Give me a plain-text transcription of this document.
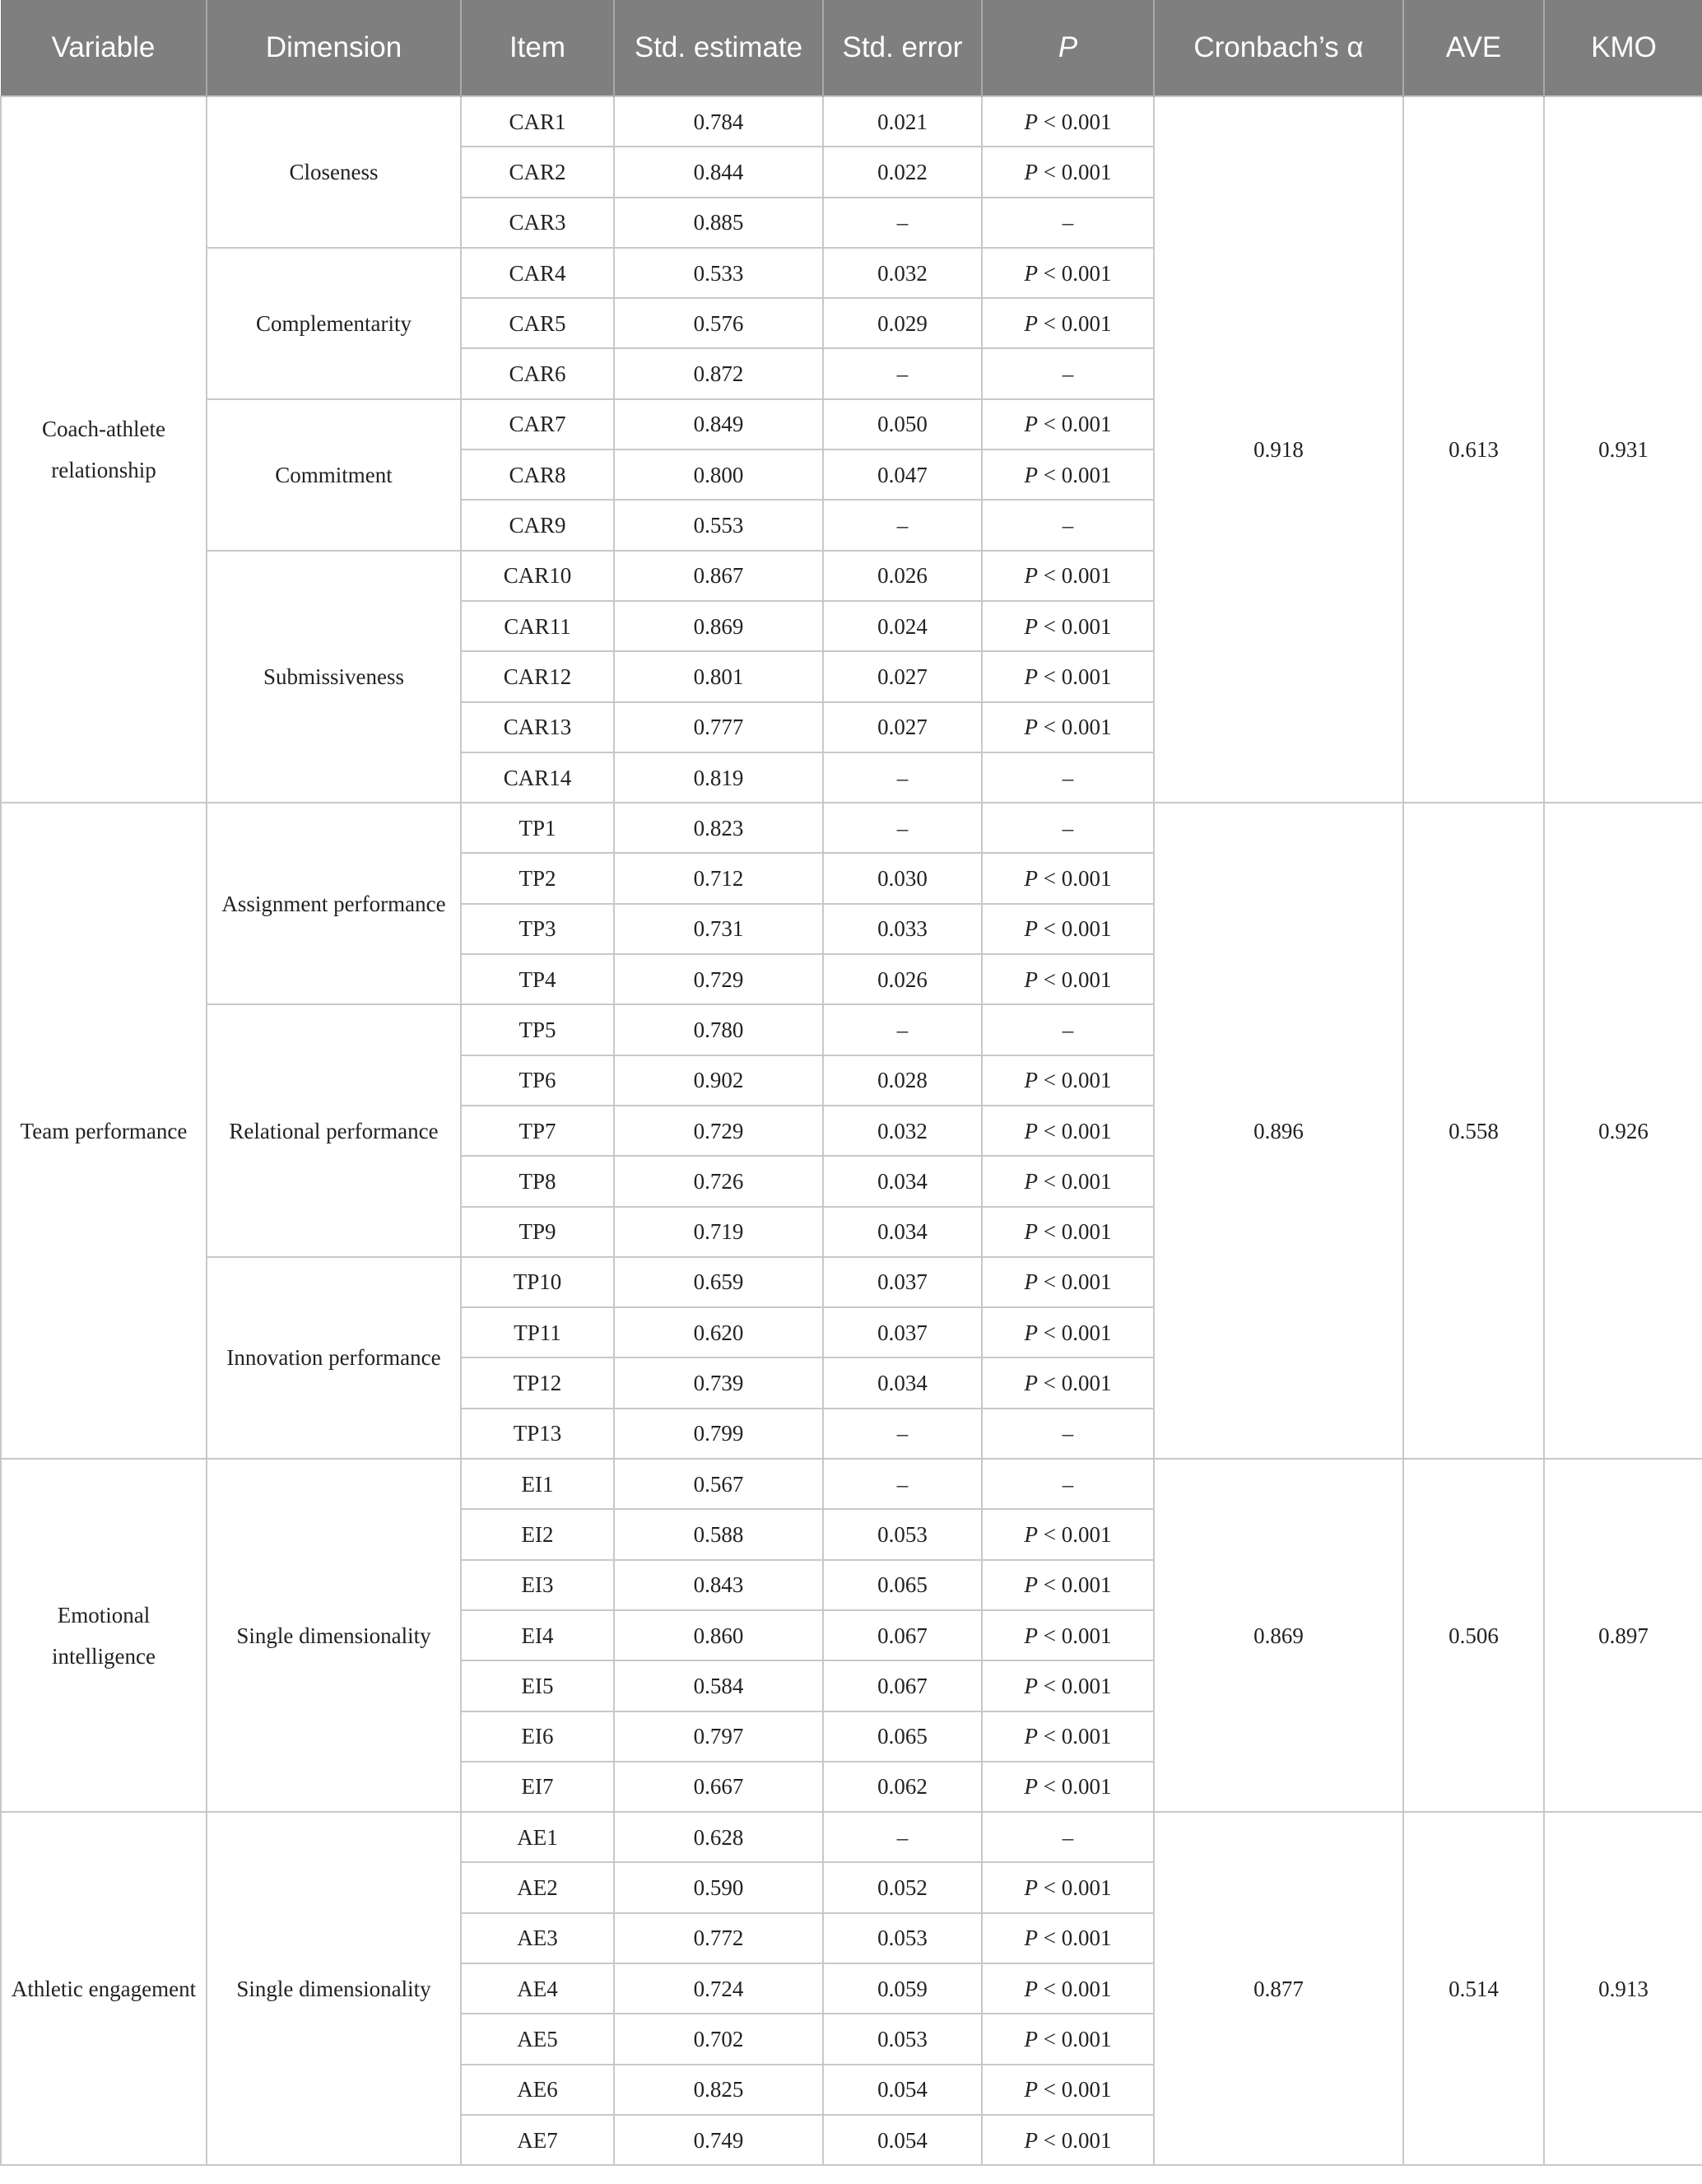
Variable	Dimension	Item	Std. estimate	Std. error	P	Cronbach’s α	AVE	KMO
Coach-athlete relationship	Closeness	CAR1	0.784	0.021	P < 0.001	0.918	0.613	0.931
		CAR2	0.844	0.022	P < 0.001			
		CAR3	0.885	–	–			
	Complementarity	CAR4	0.533	0.032	P < 0.001			
		CAR5	0.576	0.029	P < 0.001			
		CAR6	0.872	–	–			
	Commitment	CAR7	0.849	0.050	P < 0.001			
		CAR8	0.800	0.047	P < 0.001			
		CAR9	0.553	–	–			
	Submissiveness	CAR10	0.867	0.026	P < 0.001			
		CAR11	0.869	0.024	P < 0.001			
		CAR12	0.801	0.027	P < 0.001			
		CAR13	0.777	0.027	P < 0.001			
		CAR14	0.819	–	–			
Team performance	Assignment performance	TP1	0.823	–	–	0.896	0.558	0.926
		TP2	0.712	0.030	P < 0.001			
		TP3	0.731	0.033	P < 0.001			
		TP4	0.729	0.026	P < 0.001			
	Relational performance	TP5	0.780	–	–			
		TP6	0.902	0.028	P < 0.001			
		TP7	0.729	0.032	P < 0.001			
		TP8	0.726	0.034	P < 0.001			
		TP9	0.719	0.034	P < 0.001			
	Innovation performance	TP10	0.659	0.037	P < 0.001			
		TP11	0.620	0.037	P < 0.001			
		TP12	0.739	0.034	P < 0.001			
		TP13	0.799	–	–			
Emotional intelligence	Single dimensionality	EI1	0.567	–	–	0.869	0.506	0.897
		EI2	0.588	0.053	P < 0.001			
		EI3	0.843	0.065	P < 0.001			
		EI4	0.860	0.067	P < 0.001			
		EI5	0.584	0.067	P < 0.001			
		EI6	0.797	0.065	P < 0.001			
		EI7	0.667	0.062	P < 0.001			
Athletic engagement	Single dimensionality	AE1	0.628	–	–	0.877	0.514	0.913
		AE2	0.590	0.052	P < 0.001			
		AE3	0.772	0.053	P < 0.001			
		AE4	0.724	0.059	P < 0.001			
		AE5	0.702	0.053	P < 0.001			
		AE6	0.825	0.054	P < 0.001			
		AE7	0.749	0.054	P < 0.001			
